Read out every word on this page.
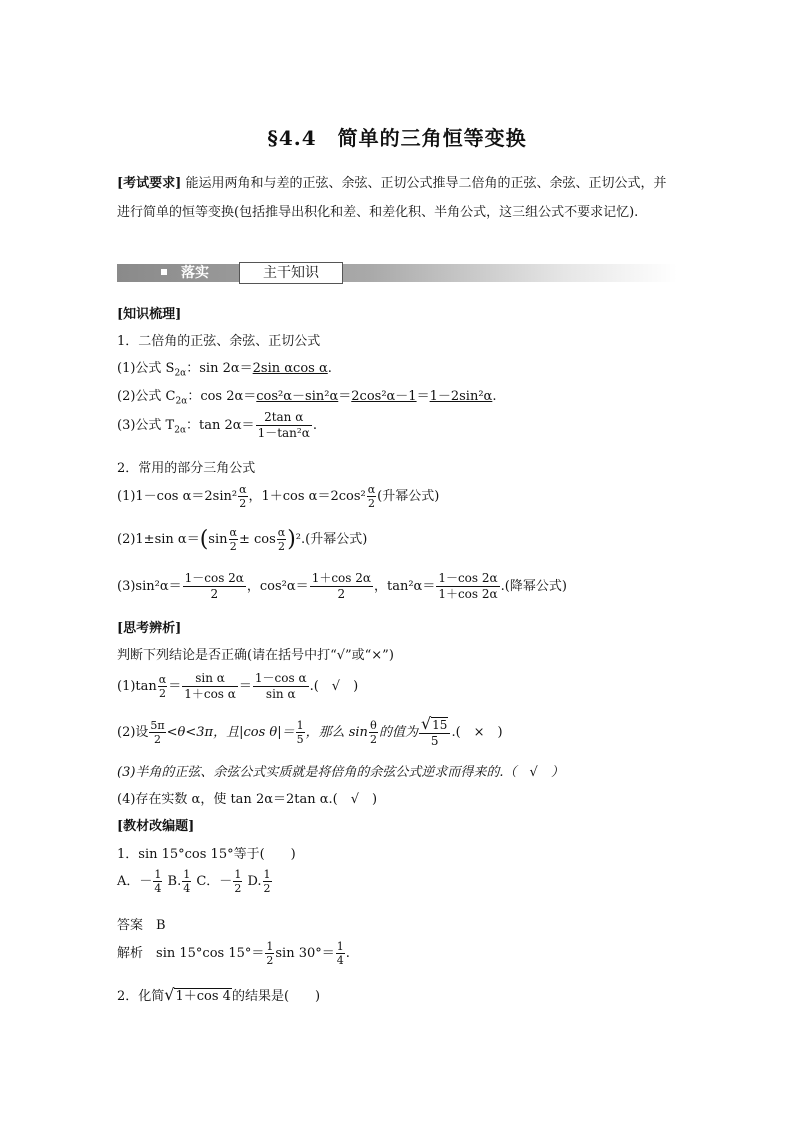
§4.4　简单的三角恒等变换
[考试要求] 能运用两角和与差的正弦、余弦、正切公式推导二倍角的正弦、余弦、正切公式，并进行简单的恒等变换(包括推导出积化和差、和差化积、半角公式，这三组公式不要求记忆).
落实	主干知识
[知识梳理]
1．二倍角的正弦、余弦、正切公式
(1)公式 $S_{2\alpha}$：sin 2α＝2sin αcos α.
(2)公式 $C_{2\alpha}$：cos 2α＝cos²α－sin²α＝2cos²α－1＝1－2sin²α.
(3)公式 $T_{2\alpha}$：$\tan 2\alpha= \frac{\text{2tan α}}{\text{1－tan²α}}$ .
2．常用的部分三角公式
(1)1－cos $\alpha=2\sin^2 \frac{\alpha}{2}$ ，1＋cos $\alpha=2\cos^2 \frac{\alpha}{2}$ (升幂公式)
(2)1±sin $\alpha=(\sin \frac{\alpha}{2} \pm \cos \frac{\alpha}{2} )^2$.(升幂公式)
$(3)\sin^2\alpha= \frac{1-\cos 2\alpha}{2}$ ，$\cos^2\alpha= \frac{1+\cos 2\alpha}{2}$ ，$\tan^2\alpha= \frac{1-\cos 2\alpha}{1+\cos 2\alpha}$ .(降幂公式)
[思考辨析]
判断下列结论是否正确(请在括号中打“√”或“×”)
$(1)\tan \frac{\alpha}{2} = \frac{\text{sin α}}{\text{1＋cos α}} = \frac{\text{1－cos α}}{\text{sin α}}$ .(　√　)
(2)设 $\frac{5\pi}{2} <\theta<3\pi$，且|cos $\theta|= \frac{1}{5}$ ，那么 $\sin \frac{\theta}{2}$ 的值为 $\frac{√15}{5}$ .(　×　)
(3)半角的正弦、余弦公式实质就是将倍角的余弦公式逆求而得来的.（　√　）
(4)存在实数 α，使 tan 2α＝2tan α.(　√　)
[教材改编题]
1．sin 15°cos 15°等于(　　)
A．－ $\frac{1}{4} B$. $\frac{1}{4}$ C．－ $\frac{1}{2} D$. $\frac{1}{2}$
答案　 B
解析　 sin 15°cos $15^\circ= \frac{1}{2}$ $\sin 30^\circ= \frac{1}{4}$ .
2．化简√1＋cos 4的结果是(　　)
